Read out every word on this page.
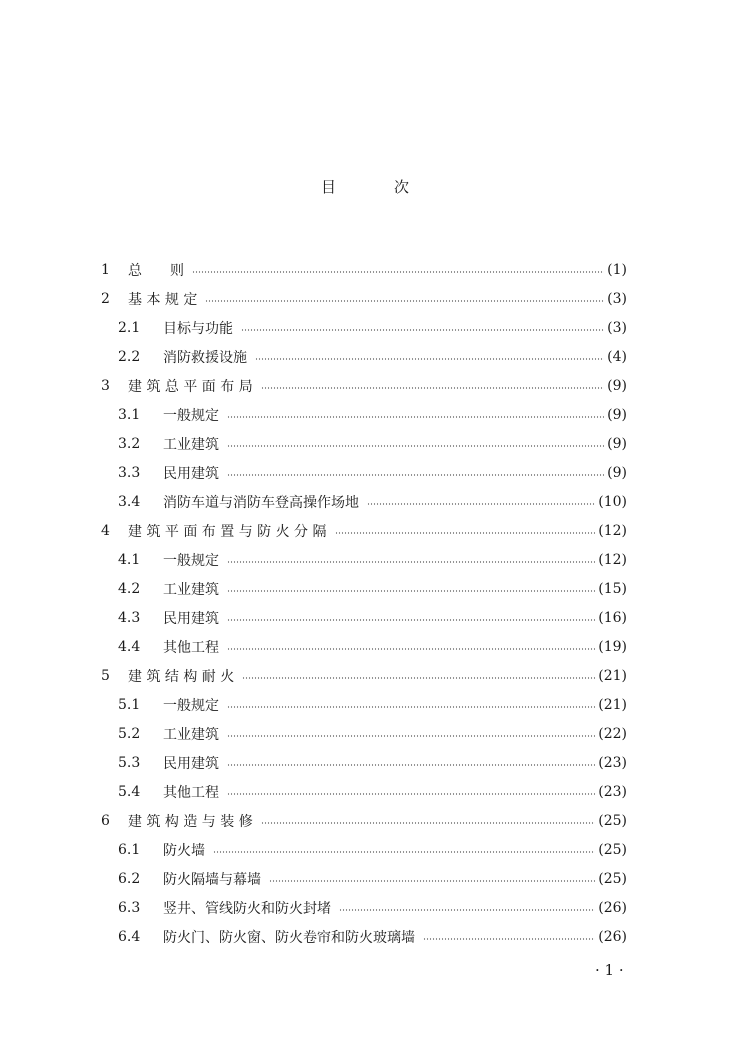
目	次
1 总　　则	(1)
2 基 本 规 定	(3)
2.1 目标与功能	(3)
2.2 消防救援设施	(4)
3 建 筑 总 平 面 布 局	(9)
3.1 一般规定	(9)
3.2 工业建筑	(9)
3.3 民用建筑	(9)
3.4 消防车道与消防车登高操作场地	(10)
4 建 筑 平 面 布 置 与 防 火 分 隔	(12)
4.1 一般规定	(12)
4.2 工业建筑	(15)
4.3 民用建筑	(16)
4.4 其他工程	(19)
5 建 筑 结 构 耐 火	(21)
5.1 一般规定	(21)
5.2 工业建筑	(22)
5.3 民用建筑	(23)
5.4 其他工程	(23)
6 建 筑 构 造 与 装 修	(25)
6.1 防火墙	(25)
6.2 防火隔墙与幕墙	(25)
6.3 竖井、管线防火和防火封堵	(26)
6.4 防火门、防火窗、防火卷帘和防火玻璃墙	(26)
· 1 ·
